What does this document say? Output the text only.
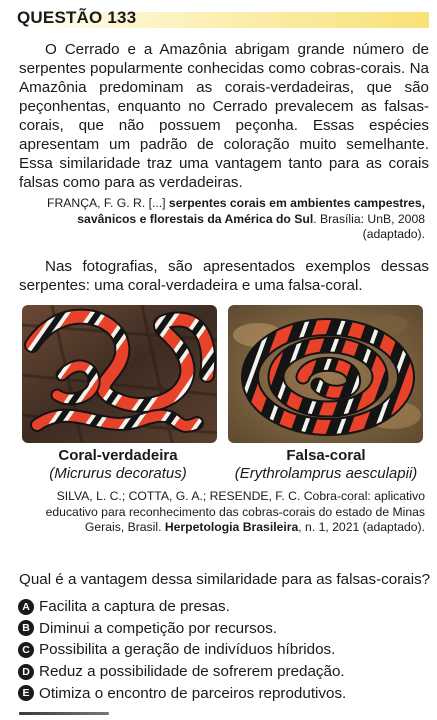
QUESTÃO 133

O Cerrado e a Amazônia abrigam grande número de serpentes popularmente conhecidas como cobras-corais. Na Amazônia predominam as corais-verdadeiras, que são peçonhentas, enquanto no Cerrado prevalecem as falsas-corais, que não possuem peçonha. Essas espécies apresentam um padrão de coloração muito semelhante. Essa similaridade traz uma vantagem tanto para as corais falsas como para as verdadeiras.

FRANÇA, F. G. R. [...] serpentes corais em ambientes campestres, savânicos e florestais da América do Sul. Brasília: UnB, 2008 (adaptado).

Nas fotografias, são apresentados exemplos dessas serpentes: uma coral-verdadeira e uma falsa-coral.

Coral-verdadeira
(Micrurus decoratus)
Falsa-coral
(Erythrolamprus aesculapii)
SILVA, L. C.; COTTA, G. A.; RESENDE, F. C. Cobra-coral: aplicativo educativo para reconhecimento das cobras-corais do estado de Minas Gerais, Brasil. Herpetologia Brasileira, n. 1, 2021 (adaptado).
Qual é a vantagem dessa similaridade para as falsas-corais?
A Facilita a captura de presas.
B Diminui a competição por recursos.
C Possibilita a geração de indivíduos híbridos.
D Reduz a possibilidade de sofrerem predação.
E Otimiza o encontro de parceiros reprodutivos.
